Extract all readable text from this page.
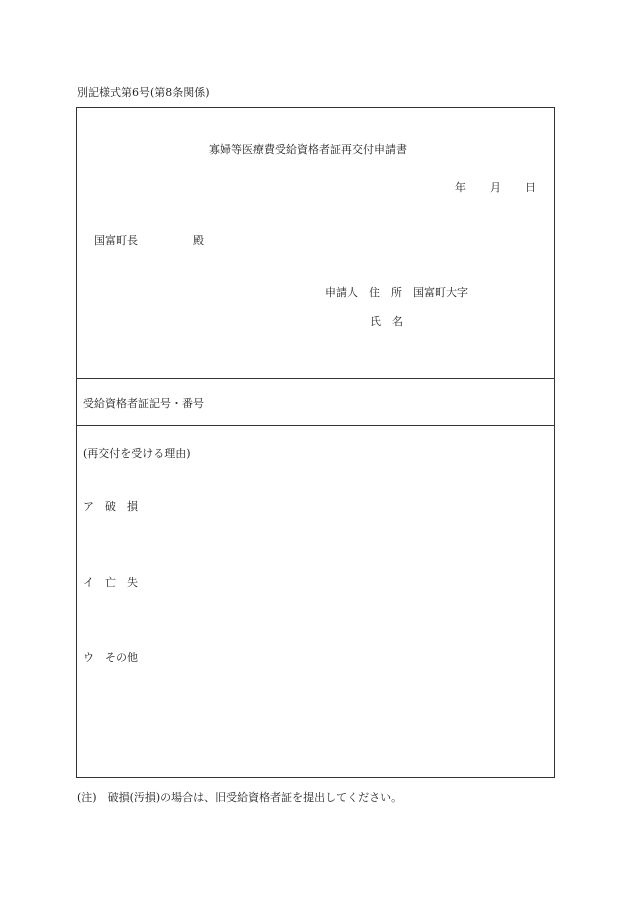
別記様式第6号(第8条関係)
寡婦等医療費受給資格者証再交付申請書
年 月 日
国富町長　　　　　殿
申請人　住　所　国富町大字
氏　名
受給資格者証記号・番号
(再交付を受ける理由)
ア　破　損
イ　亡　失
ウ　その他
(注)　破損(汚損)の場合は、旧受給資格者証を提出してください。
